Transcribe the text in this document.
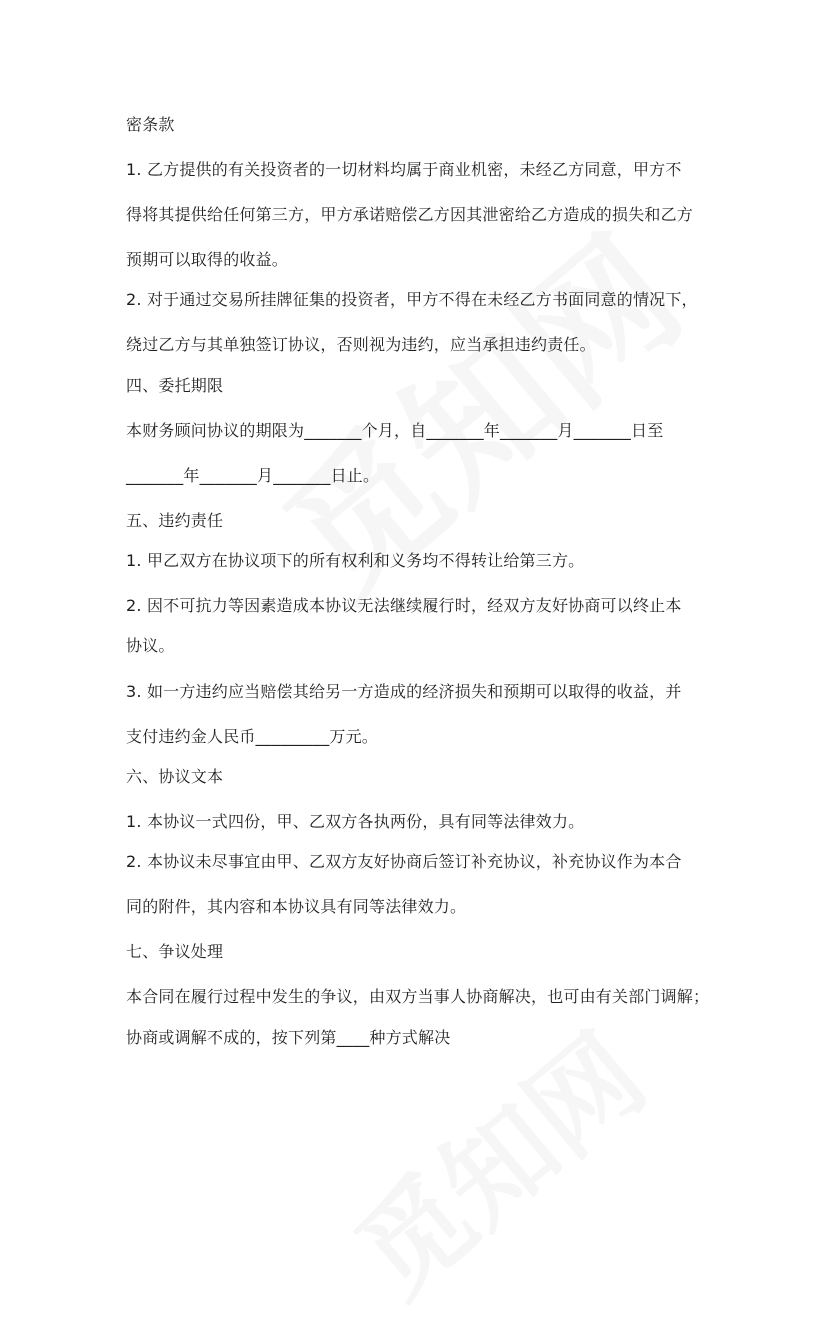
密条款
1. 乙方提供的有关投资者的一切材料均属于商业机密，未经乙方同意，甲方不
得将其提供给任何第三方，甲方承诺赔偿乙方因其泄密给乙方造成的损失和乙方
预期可以取得的收益。
2. 对于通过交易所挂牌征集的投资者，甲方不得在未经乙方书面同意的情况下，
绕过乙方与其单独签订协议，否则视为违约，应当承担违约责任。
四、委托期限
本财务顾问协议的期限为_______个月，自_______年_______月_______日至
_______年_______月_______日止。
五、违约责任
1. 甲乙双方在协议项下的所有权利和义务均不得转让给第三方。
2. 因不可抗力等因素造成本协议无法继续履行时，经双方友好协商可以终止本
协议。
3. 如一方违约应当赔偿其给另一方造成的经济损失和预期可以取得的收益，并
支付违约金人民币_________万元。
六、协议文本
1. 本协议一式四份，甲、乙双方各执两份，具有同等法律效力。
2. 本协议未尽事宜由甲、乙双方友好协商后签订补充协议，补充协议作为本合
同的附件，其内容和本协议具有同等法律效力。
七、争议处理
本合同在履行过程中发生的争议，由双方当事人协商解决，也可由有关部门调解；
协商或调解不成的，按下列第____种方式解决
